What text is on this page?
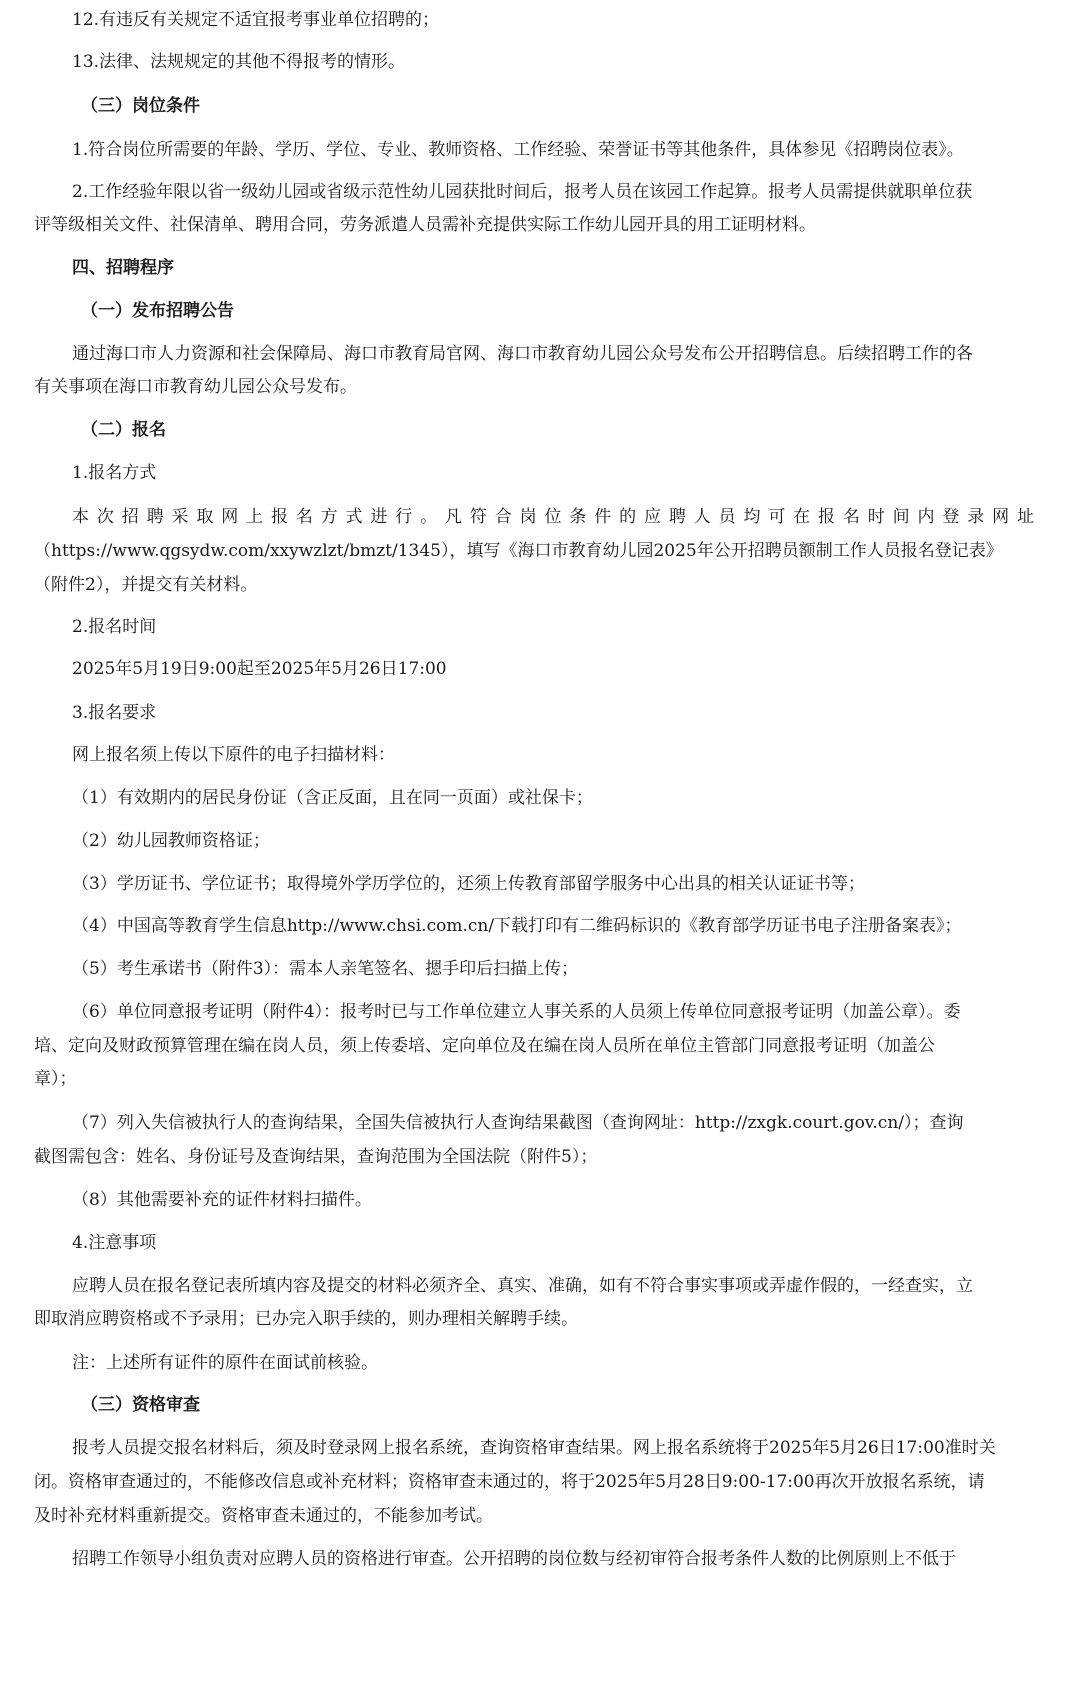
12.有违反有关规定不适宜报考事业单位招聘的；
13.法律、法规规定的其他不得报考的情形。
（三）岗位条件
1.符合岗位所需要的年龄、学历、学位、专业、教师资格、工作经验、荣誉证书等其他条件，具体参见《招聘岗位表》。
2.工作经验年限以省一级幼儿园或省级示范性幼儿园获批时间后，报考人员在该园工作起算。报考人员需提供就职单位获
评等级相关文件、社保清单、聘用合同，劳务派遣人员需补充提供实际工作幼儿园开具的用工证明材料。
四、招聘程序
（一）发布招聘公告
通过海口市人力资源和社会保障局、海口市教育局官网、海口市教育幼儿园公众号发布公开招聘信息。后续招聘工作的各
有关事项在海口市教育幼儿园公众号发布。
（二）报名
1.报名方式
本次招聘采取网上报名方式进行。凡符合岗位条件的应聘人员均可在报名时间内登录网址
（https://www.qgsydw.com/xxywzlzt/bmzt/1345），填写《海口市教育幼儿园2025年公开招聘员额制工作人员报名登记表》
（附件2），并提交有关材料。
2.报名时间
2025年5月19日9:00起至2025年5月26日17:00
3.报名要求
网上报名须上传以下原件的电子扫描材料：
（1）有效期内的居民身份证（含正反面，且在同一页面）或社保卡；
（2）幼儿园教师资格证；
（3）学历证书、学位证书；取得境外学历学位的，还须上传教育部留学服务中心出具的相关认证证书等；
（4）中国高等教育学生信息http://www.chsi.com.cn/下载打印有二维码标识的《教育部学历证书电子注册备案表》；
（5）考生承诺书（附件3）：需本人亲笔签名、摁手印后扫描上传；
（6）单位同意报考证明（附件4）：报考时已与工作单位建立人事关系的人员须上传单位同意报考证明（加盖公章）。委
培、定向及财政预算管理在编在岗人员，须上传委培、定向单位及在编在岗人员所在单位主管部门同意报考证明（加盖公
章）；
（7）列入失信被执行人的查询结果，全国失信被执行人查询结果截图（查询网址：http://zxgk.court.gov.cn/）；查询
截图需包含：姓名、身份证号及查询结果，查询范围为全国法院（附件5）；
（8）其他需要补充的证件材料扫描件。
4.注意事项
应聘人员在报名登记表所填内容及提交的材料必须齐全、真实、准确，如有不符合事实事项或弄虚作假的，一经查实，立
即取消应聘资格或不予录用；已办完入职手续的，则办理相关解聘手续。
注：上述所有证件的原件在面试前核验。
（三）资格审查
报考人员提交报名材料后，须及时登录网上报名系统，查询资格审查结果。网上报名系统将于2025年5月26日17:00准时关
闭。资格审查通过的，不能修改信息或补充材料；资格审查未通过的，将于2025年5月28日9:00-17:00再次开放报名系统，请
及时补充材料重新提交。资格审查未通过的，不能参加考试。
招聘工作领导小组负责对应聘人员的资格进行审查。公开招聘的岗位数与经初审符合报考条件人数的比例原则上不低于
